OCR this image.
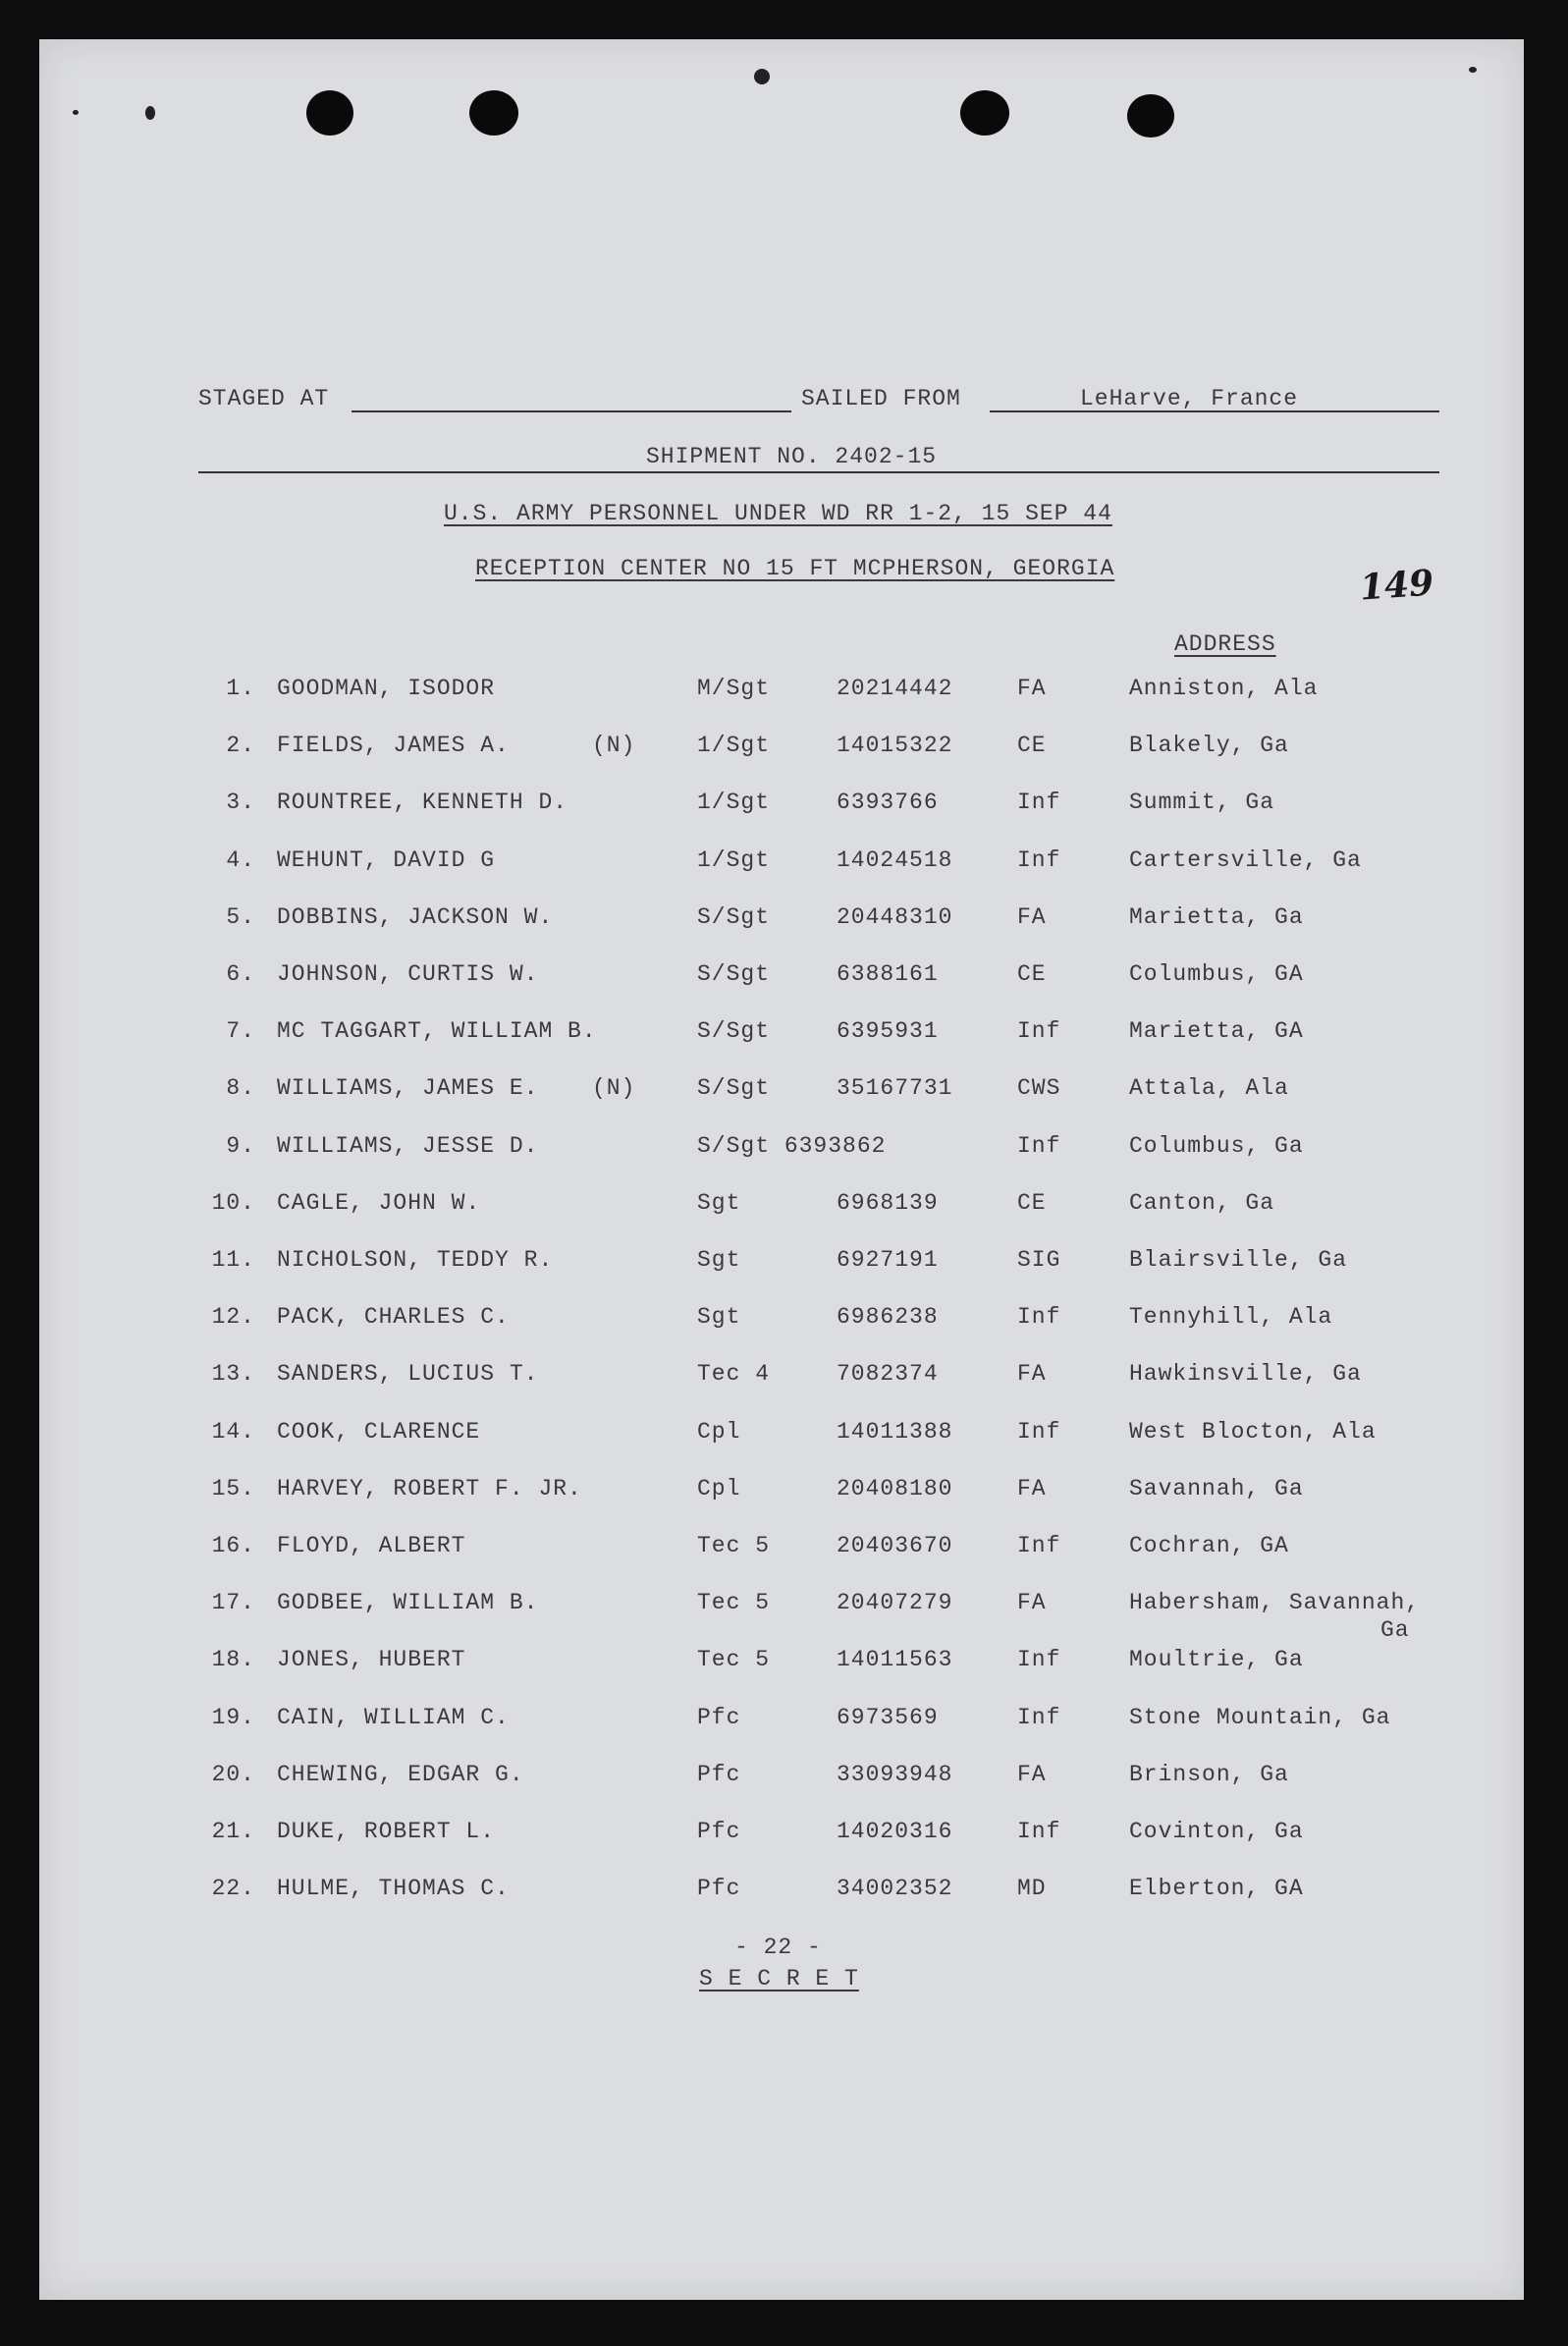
STAGED AT	SAILED FROM	LeHarve, France
SHIPMENT NO. 2402-15
U.S. ARMY PERSONNEL UNDER WD RR 1-2, 15 SEP 44
RECEPTION CENTER NO 15 FT MCPHERSON, GEORGIA	149
ADDRESS
1. GOODMAN, ISODOR	M/Sgt	20214442	FA	Anniston, Ala
2. FIELDS, JAMES A.	(N)	1/Sgt	14015322	CE	Blakely, Ga
3. ROUNTREE, KENNETH D.	1/Sgt	6393766	Inf	Summit, Ga
4. WEHUNT, DAVID G	1/Sgt	14024518	Inf	Cartersville, Ga
5. DOBBINS, JACKSON W.	S/Sgt	20448310	FA	Marietta, Ga
6. JOHNSON, CURTIS W.	S/Sgt	6388161	CE	Columbus, GA
7. MC TAGGART, WILLIAM B.	S/Sgt	6395931	Inf	Marietta, GA
8. WILLIAMS, JAMES E. (N)	S/Sgt	35167731	CWS	Attala, Ala
9. WILLIAMS, JESSE D.	S/Sgt 6393862	Inf	Columbus, Ga
10. CAGLE, JOHN W.	Sgt	6968139	CE	Canton, Ga
11. NICHOLSON, TEDDY R.	Sgt	6927191	SIG	Blairsville, Ga
12. PACK, CHARLES C.	Sgt	6986238	Inf	Tennyhill, Ala
13. SANDERS, LUCIUS T.	Tec 4	7082374	FA	Hawkinsville, Ga
14. COOK, CLARENCE	Cpl	14011388	Inf	West Blocton, Ala
15. HARVEY, ROBERT F. JR.	Cpl	20408180	FA	Savannah, Ga
16. FLOYD, ALBERT	Tec 5	20403670	Inf	Cochran, GA
17. GODBEE, WILLIAM B.	Tec 5	20407279	FA	Habersham, Savannah,
Ga
18. JONES, HUBERT	Tec 5	14011563	Inf	Moultrie, Ga
19. CAIN, WILLIAM C.	Pfc	6973569	Inf	Stone Mountain, Ga
20. CHEWING, EDGAR G.	Pfc	33093948	FA	Brinson, Ga
21. DUKE, ROBERT L.	Pfc	14020316	Inf	Covinton, Ga
22. HULME, THOMAS C.	Pfc	34002352	MD	Elberton, GA
- 22 -
S E C R E T
